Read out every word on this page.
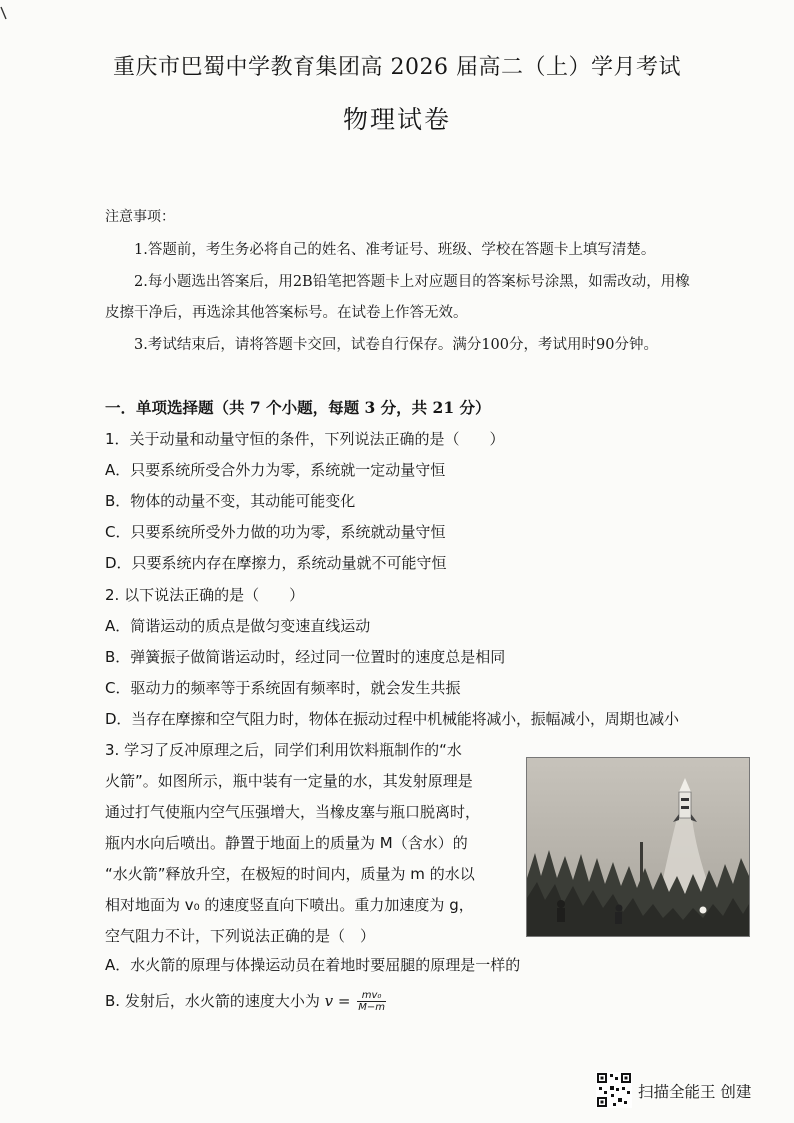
重庆市巴蜀中学教育集团高 2026 届高二（上）学月考试
物理试卷
注意事项：
1.答题前，考生务必将自己的姓名、准考证号、班级、学校在答题卡上填写清楚。
2.每小题选出答案后，用2B铅笔把答题卡上对应题目的答案标号涂黑，如需改动，用橡
皮擦干净后，再选涂其他答案标号。在试卷上作答无效。
3.考试结束后，请将答题卡交回，试卷自行保存。满分100分，考试用时90分钟。
一．单项选择题（共 7 个小题，每题 3 分，共 21 分）
1．关于动量和动量守恒的条件，下列说法正确的是（　　）
A．只要系统所受合外力为零，系统就一定动量守恒
B．物体的动量不变，其动能可能变化
C．只要系统所受外力做的功为零，系统就动量守恒
D．只要系统内存在摩擦力，系统动量就不可能守恒
2. 以下说法正确的是（　　）
A．简谐运动的质点是做匀变速直线运动
B．弹簧振子做简谐运动时，经过同一位置时的速度总是相同
C．驱动力的频率等于系统固有频率时，就会发生共振
D．当存在摩擦和空气阻力时，物体在振动过程中机械能将减小，振幅减小，周期也减小
3. 学习了反冲原理之后，同学们利用饮料瓶制作的“水
火箭”。如图所示，瓶中装有一定量的水，其发射原理是
通过打气使瓶内空气压强增大，当橡皮塞与瓶口脱离时，
瓶内水向后喷出。静置于地面上的质量为 M（含水）的
“水火箭”释放升空，在极短的时间内，质量为 m 的水以
相对地面为 v₀ 的速度竖直向下喷出。重力加速度为 g，
空气阻力不计，下列说法正确的是（　）
A．水火箭的原理与体操运动员在着地时要屈腿的原理是一样的
B. 发射后，水火箭的速度大小为 $v = \frac{\text{mv₀}}{M-m}$
扫描全能王 创建
